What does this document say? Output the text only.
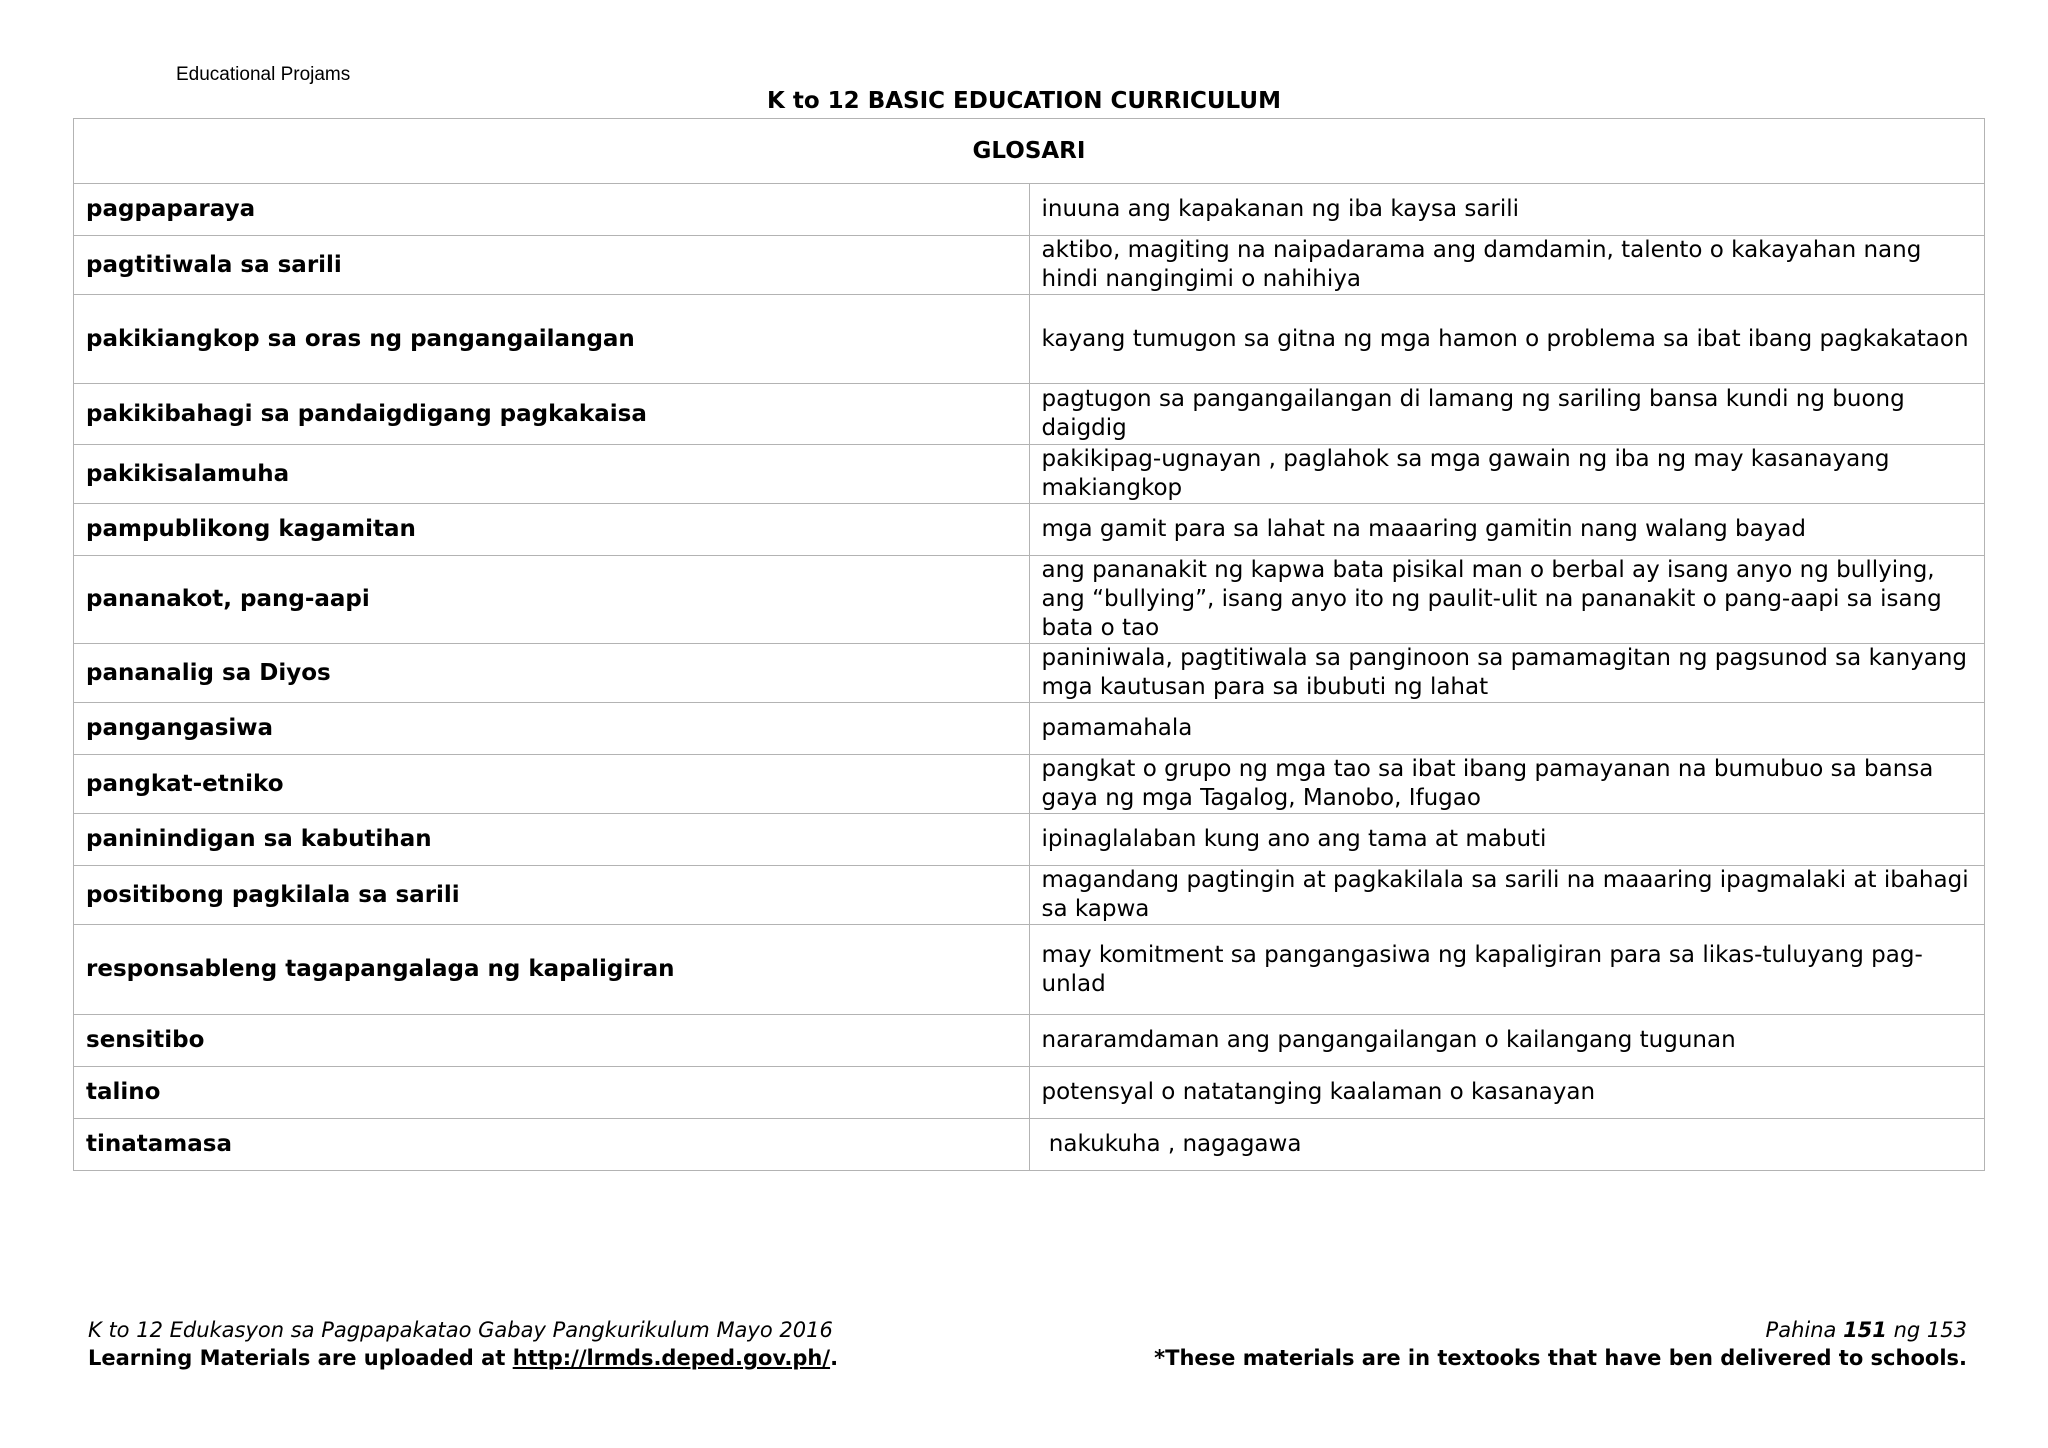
Educational Projams
K to 12 BASIC EDUCATION CURRICULUM
GLOSARI	
pagpaparaya	inuuna ang kapakanan ng iba kaysa sarili
pagtitiwala sa sarili	aktibo, magiting na naipadarama ang damdamin, talento o kakayahan nang hindi nangingimi o nahihiya
pakikiangkop sa oras ng pangangailangan	kayang tumugon sa gitna ng mga hamon o problema sa ibat ibang pagkakataon
pakikibahagi sa pandaigdigang pagkakaisa	pagtugon sa pangangailangan di lamang ng sariling bansa kundi ng buong daigdig
pakikisalamuha	pakikipag-ugnayan , paglahok sa mga gawain ng iba ng may kasanayang makiangkop
pampublikong kagamitan	mga gamit para sa lahat na maaaring gamitin nang walang bayad
pananakot, pang-aapi	ang pananakit ng kapwa bata pisikal man o berbal ay isang anyo ng bullying, ang “bullying”, isang anyo ito ng paulit-ulit na pananakit o pang-aapi sa isang bata o tao
pananalig sa Diyos	paniniwala, pagtitiwala sa panginoon sa pamamagitan ng pagsunod sa kanyang mga kautusan para sa ibubuti ng lahat
pangangasiwa	pamamahala
pangkat-etniko	pangkat o grupo ng mga tao sa ibat ibang pamayanan na bumubuo sa bansa gaya ng mga Tagalog, Manobo, Ifugao
paninindigan sa kabutihan	ipinaglalaban kung ano ang tama at mabuti
positibong pagkilala sa sarili	magandang pagtingin at pagkakilala sa sarili na maaaring ipagmalaki at ibahagi sa kapwa
responsableng tagapangalaga ng kapaligiran	may komitment sa pangangasiwa ng kapaligiran para sa likas-tuluyang pag-unlad
sensitibo	nararamdaman ang pangangailangan o kailangang tugunan
talino	potensyal o natatanging kaalaman o kasanayan
tinatamasa	nakukuha , nagagawa
K to 12 Edukasyon sa Pagpapakatao Gabay Pangkurikulum Mayo 2016
Learning Materials are uploaded at http://lrmds.deped.gov.ph/.
Pahina 151 ng 153
*These materials are in textooks that have ben delivered to schools.
